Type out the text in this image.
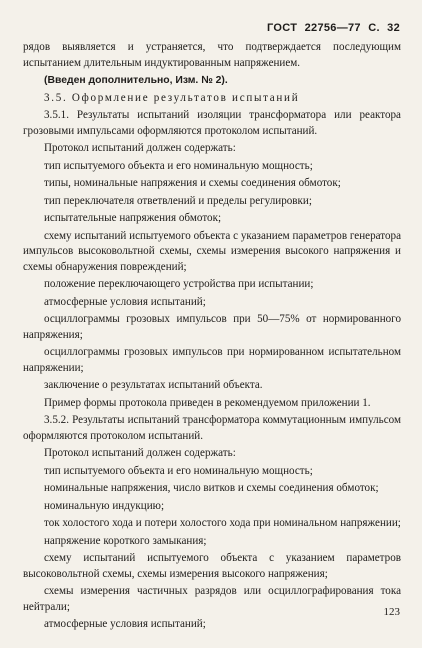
ГОСТ 22756—77 С. 32

рядов выявляется и устраняется, что подтверждается последующим испытанием длительным индуктированным напряжением.

(Введен дополнительно, Изм. № 2).

3.5. Оформление результатов испытаний

3.5.1. Результаты испытаний изоляции трансформатора или реактора грозовыми импульсами оформляются протоколом испытаний.

Протокол испытаний должен содержать:

тип испытуемого объекта и его номинальную мощность;

типы, номинальные напряжения и схемы соединения обмоток;

тип переключателя ответвлений и пределы регулировки;

испытательные напряжения обмоток;

схему испытаний испытуемого объекта с указанием параметров генератора импульсов высоковольтной схемы, схемы измерения высокого напряжения и схемы обнаружения повреждений;

положение переключающего устройства при испытании;

атмосферные условия испытаний;

осциллограммы грозовых импульсов при 50—75% от нормированного напряжения;

осциллограммы грозовых импульсов при нормированном испытательном напряжении;

заключение о результатах испытаний объекта.

Пример формы протокола приведен в рекомендуемом приложении 1.

3.5.2. Результаты испытаний трансформатора коммутационным импульсом оформляются протоколом испытаний.

Протокол испытаний должен содержать:

тип испытуемого объекта и его номинальную мощность;

номинальные напряжения, число витков и схемы соединения обмоток;

номинальную индукцию;

ток холостого хода и потери холостого хода при номинальном напряжении;

напряжение короткого замыкания;

схему испытаний испытуемого объекта с указанием параметров высоковольтной схемы, схемы измерения высокого напряжения;

схемы измерения частичных разрядов или осциллографирования тока нейтрали;

атмосферные условия испытаний;

123
